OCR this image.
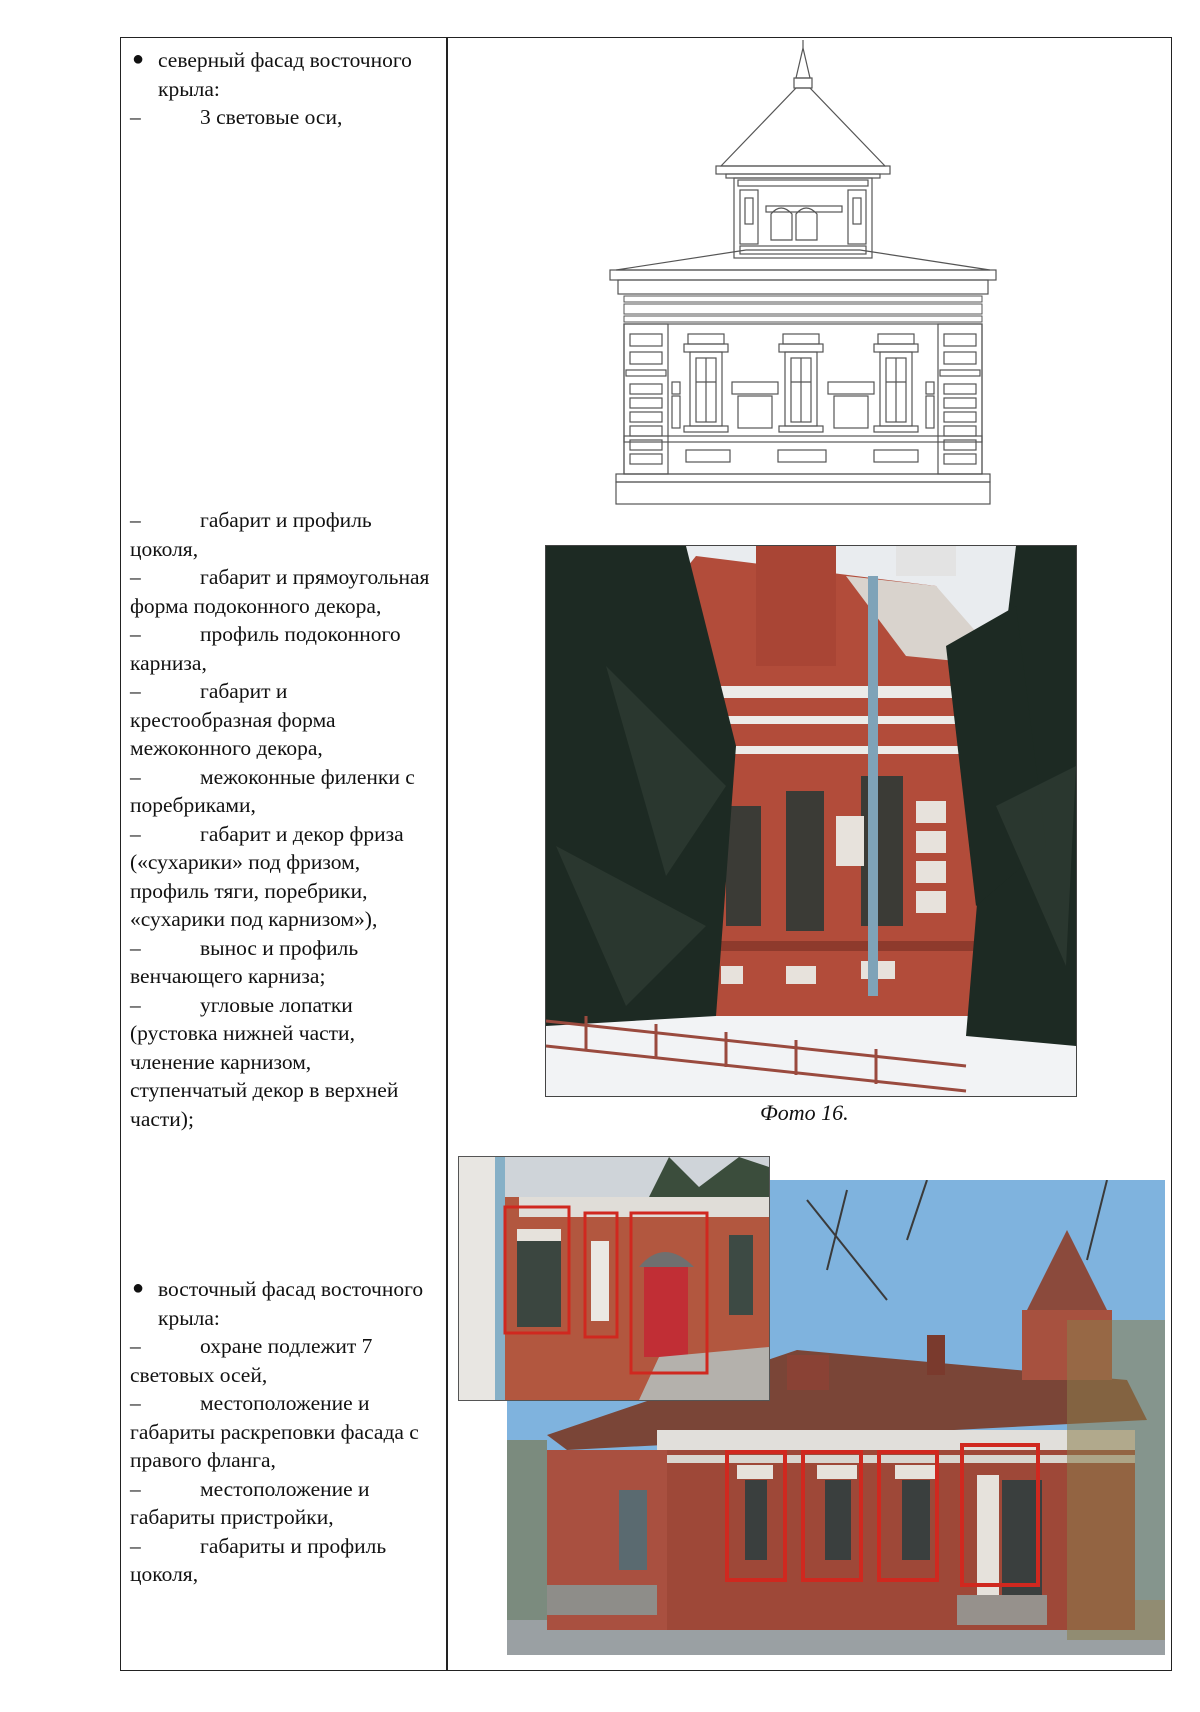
● северный фасад восточного крыла:
–	3 световые оси,
–	габарит и профиль цоколя,
–	габарит и прямоугольная форма подоконного декора,
–	профиль подоконного карниза,
–	габарит и крестообразная форма межоконного декора,
–	межоконные филенки с поребриками,
–	габарит и декор фриза («сухарики» под фризом, профиль тяги, поребрики, «сухарики под карнизом»),
–	вынос и профиль венчающего карниза;
–	угловые лопатки (рустовка нижней части, членение карнизом, ступенчатый декор в верхней части);
● восточный фасад восточного крыла:
–	охране подлежит 7 световых осей,
–	местоположение и габариты раскреповки фасада с правого фланга,
–	местоположение и габариты пристройки,
–	габариты и профиль цоколя,
Фото 16.
